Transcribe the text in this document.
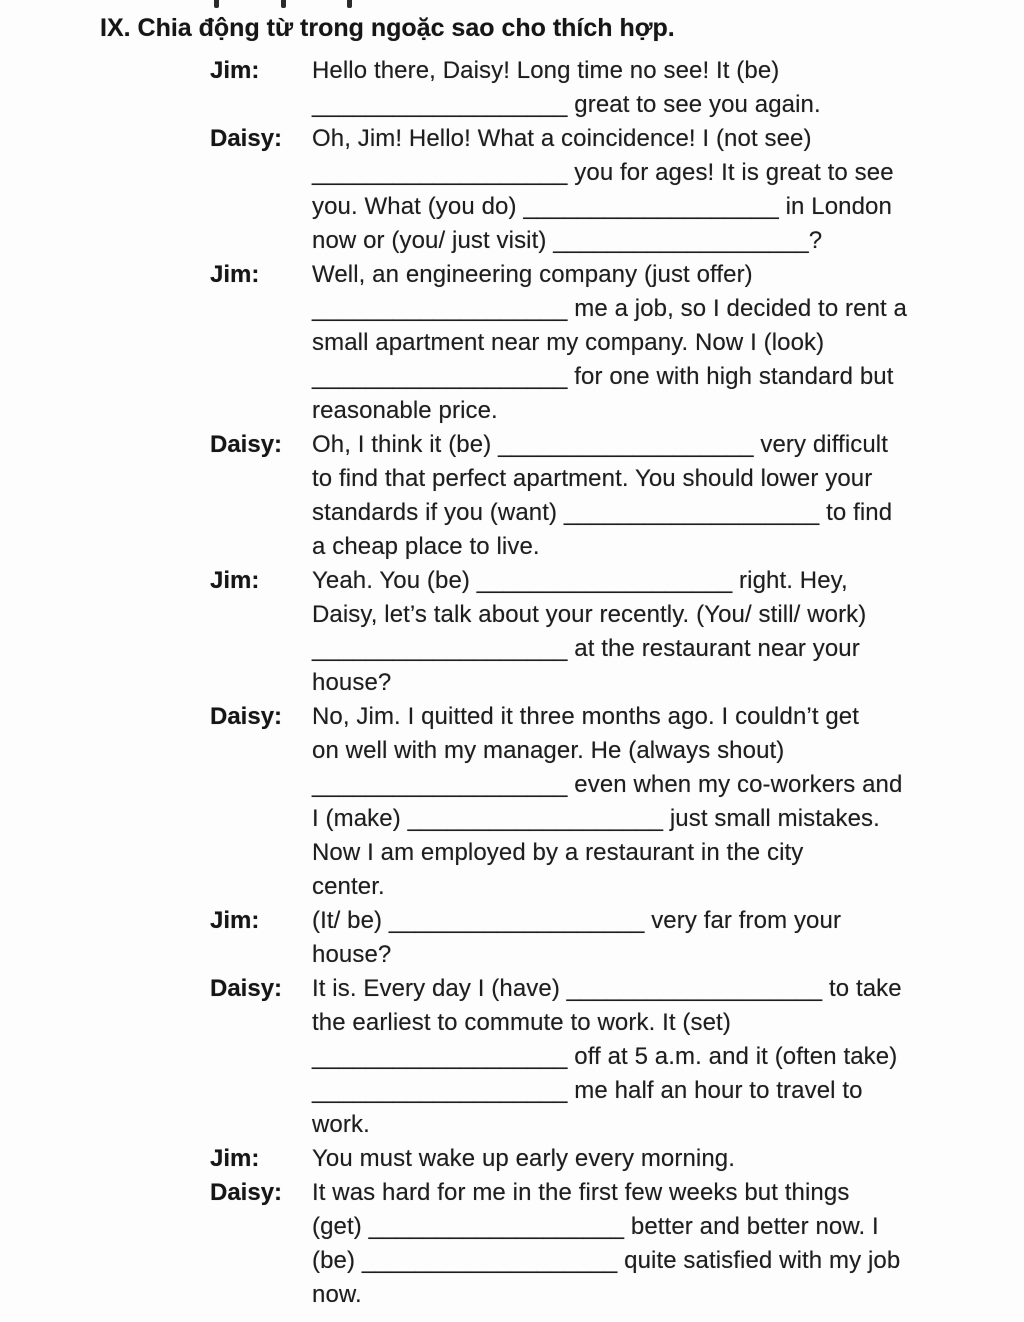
IX. Chia động từ trong ngoặc sao cho thích hợp.
Jim:	Hello there, Daisy! Long time no see! It (be)
___________________ great to see you again.
Daisy:	Oh, Jim! Hello! What a coincidence! I (not see)
___________________ you for ages! It is great to see
you. What (you do) ___________________ in London
now or (you/ just visit) ___________________?
Jim:	Well, an engineering company (just offer)
___________________ me a job, so I decided to rent a
small apartment near my company. Now I (look)
___________________ for one with high standard but
reasonable price.
Daisy:	Oh, I think it (be) ___________________ very difficult
to find that perfect apartment. You should lower your
standards if you (want) ___________________ to find
a cheap place to live.
Jim:	Yeah. You (be) ___________________ right. Hey,
Daisy, let’s talk about your recently. (You/ still/ work)
___________________ at the restaurant near your
house?
Daisy:	No, Jim. I quitted it three months ago. I couldn’t get
on well with my manager. He (always shout)
___________________ even when my co-workers and
I (make) ___________________ just small mistakes.
Now I am employed by a restaurant in the city
center.
Jim:	(It/ be) ___________________ very far from your
house?
Daisy:	It is. Every day I (have) ___________________ to take
the earliest to commute to work. It (set)
___________________ off at 5 a.m. and it (often take)
___________________ me half an hour to travel to
work.
Jim:	You must wake up early every morning.
Daisy:	It was hard for me in the first few weeks but things
(get) ___________________ better and better now. I
(be) ___________________ quite satisfied with my job
now.
